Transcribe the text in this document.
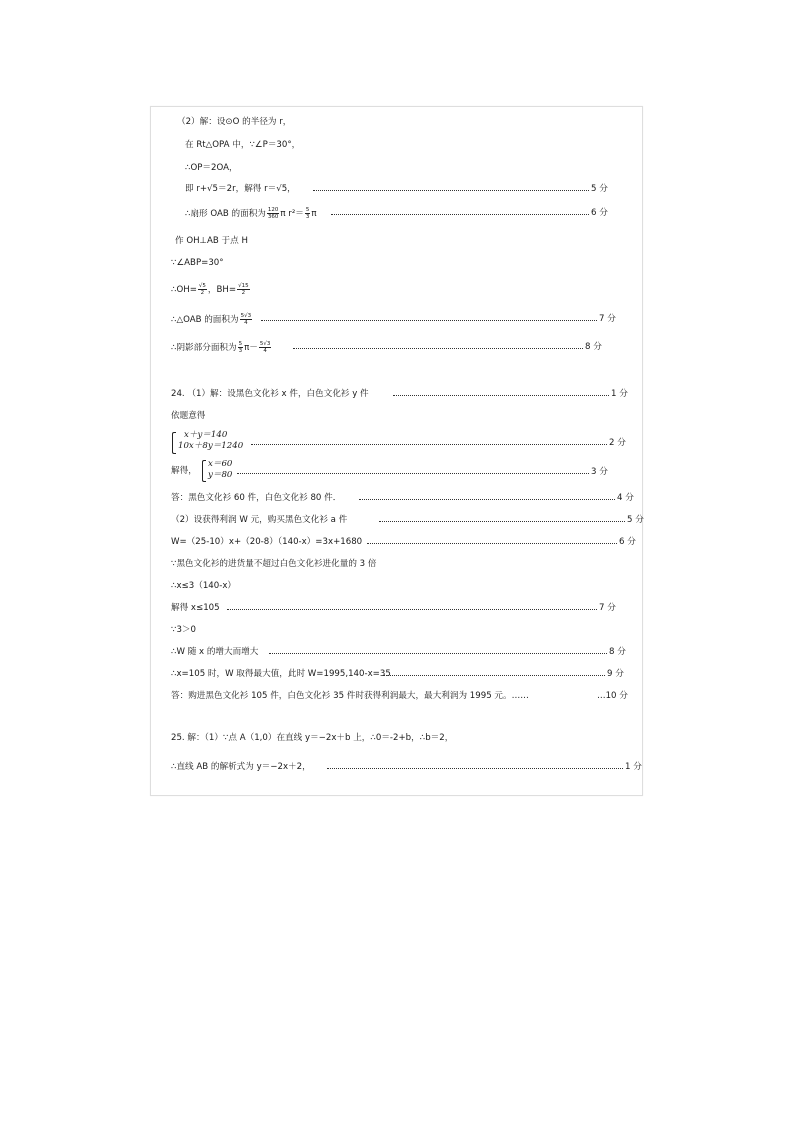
（2）解：设⊙O 的半径为 r，
在 Rt△OPA 中，∵∠P＝30°，
∴OP＝2OA，
即 r+√5＝2r，解得 r＝√5，	5 分
∴扇形 OAB 的面积为 $\frac{120}{360}$ π $r^2= \frac{5}{3}$ π	6 分
作 OH⊥AB 于点 H
∵∠ABP=30°
∴OH= $\frac{√5}{2}$ ，$BH= \frac{√15}{2}$
∴△OAB 的面积为 $\frac{5√3}{4}$	7 分
∴阴影部分面积为 $\frac{5}{3} \pi- \frac{5√3}{4}$	8 分
24. （1）解：设黑色文化衫 x 件，白色文化衫 y 件	1 分
依题意得
x＋y＝140
10x＋8y＝1240	2 分
解得，
x＝60
y＝80	3 分
答：黑色文化衫 60 件，白色文化衫 80 件．	4 分
（2）设获得利润 W 元，购买黑色文化衫 a 件	5 分
W=（25-10）x+（20-8）（140-x）=3x+1680	6 分
∵黑色文化衫的进货量不超过白色文化衫进化量的 3 倍
∴x≤3（140-x）
解得 x≤105	7 分
∵3＞0
∴W 随 x 的增大而增大	8 分
∴x=105 时，W 取得最大值，此时 W=1995,140-x=35	9 分
答：购进黑色文化衫 105 件，白色文化衫 35 件时获得利润最大，最大利润为 1995 元。……	…10 分
25. 解：（1）∵点 A（1,0）在直线 y＝−2x＋b 上，∴0＝-2+b，∴b＝2，
∴直线 AB 的解析式为 y＝−2x＋2，	1 分
